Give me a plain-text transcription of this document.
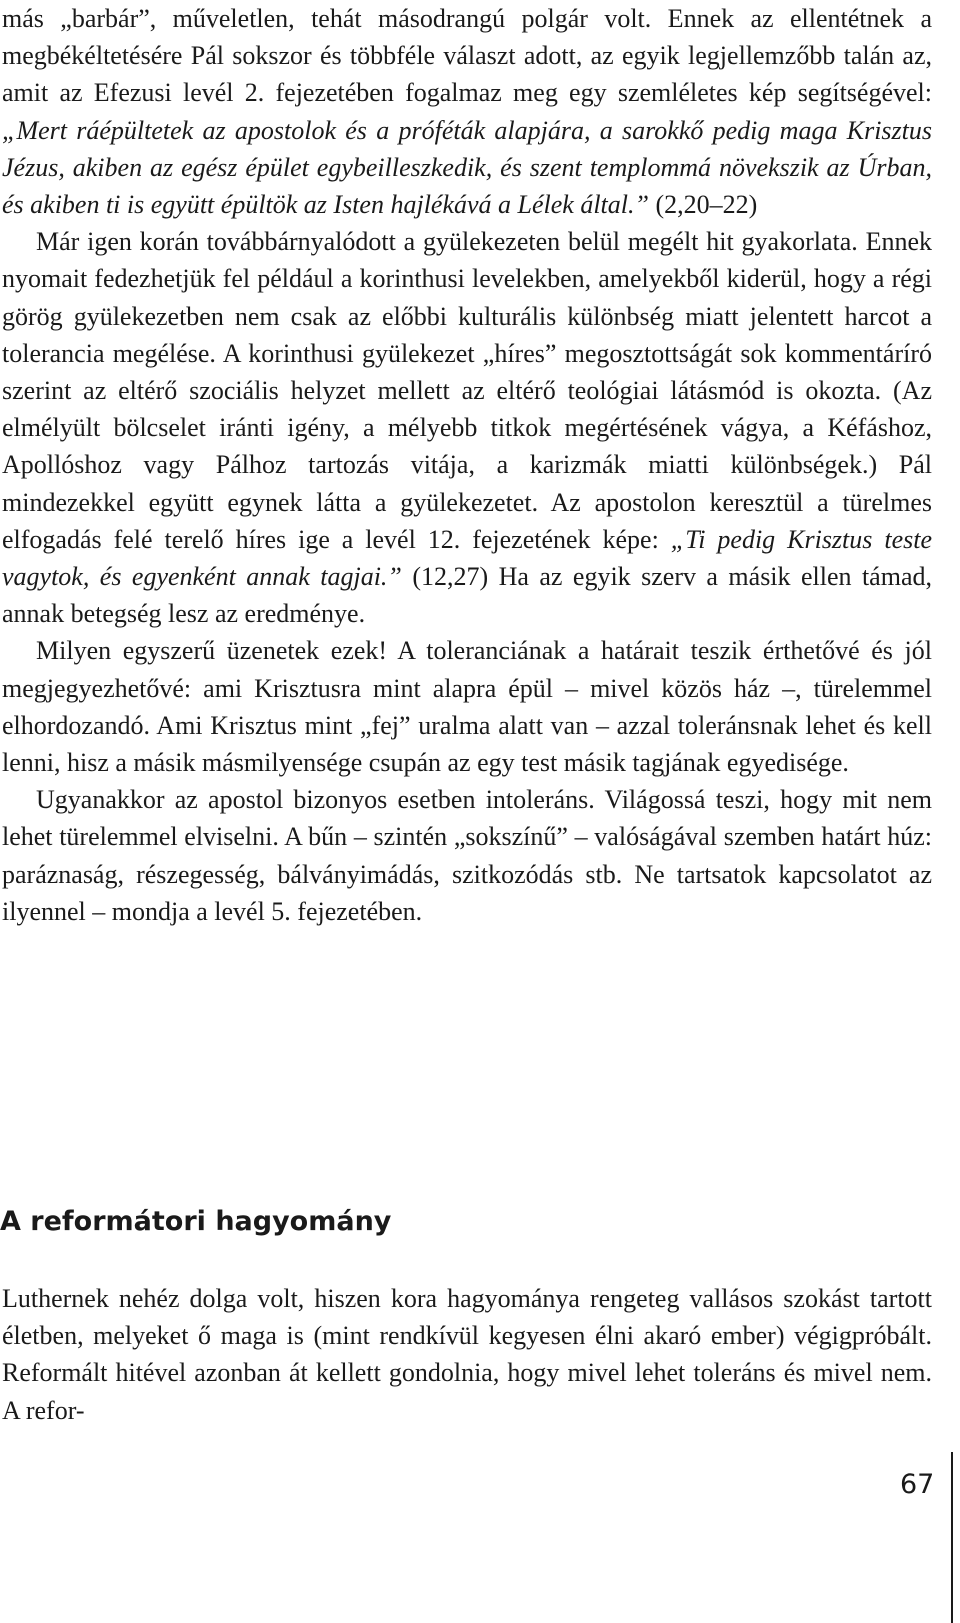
más „barbár”, műveletlen, tehát másodrangú polgár volt. Ennek az ellentétnek a megbékéltetésére Pál sokszor és többféle választ adott, az egyik legjellemzőbb talán az, amit az Efezusi levél 2. fejezetében fogalmaz meg egy szemléletes kép segítségével: „Mert ráépültetek az apostolok és a próféták alapjára, a sarokkő pedig maga Krisztus Jézus, akiben az egész épület egybeilleszkedik, és szent templommá növekszik az Úrban, és akiben ti is együtt épültök az Isten hajlékává a Lélek által.” (2,20–22)

Már igen korán továbbárnyalódott a gyülekezeten belül megélt hit gyakorlata. Ennek nyomait fedezhetjük fel például a korinthusi levelekben, amelyekből kiderül, hogy a régi görög gyülekezetben nem csak az előbbi kulturális különbség miatt jelentett harcot a tolerancia megélése. A korinthusi gyülekezet „híres” megosztottságát sok kommentáríró szerint az eltérő szociális helyzet mellett az eltérő teológiai látásmód is okozta. (Az elmélyült bölcselet iránti igény, a mélyebb titkok megértésének vágya, a Kéfáshoz, Apollóshoz vagy Pálhoz tartozás vitája, a karizmák miatti különbségek.) Pál mindezekkel együtt egynek látta a gyülekezetet. Az apostolon keresztül a türelmes elfogadás felé terelő híres ige a levél 12. fejezetének képe: „Ti pedig Krisztus teste vagytok, és egyenként annak tagjai.” (12,27) Ha az egyik szerv a másik ellen támad, annak betegség lesz az eredménye.

Milyen egyszerű üzenetek ezek! A toleranciának a határait teszik érthetővé és jól megjegyezhetővé: ami Krisztusra mint alapra épül – mivel közös ház –, türelemmel elhordozandó. Ami Krisztus mint „fej” uralma alatt van – azzal toleránsnak lehet és kell lenni, hisz a másik másmilyensége csupán az egy test másik tagjának egyedisége.

Ugyanakkor az apostol bizonyos esetben intoleráns. Világossá teszi, hogy mit nem lehet türelemmel elviselni. A bűn – szintén „sokszínű” – valóságával szemben határt húz: paráznaság, részegesség, bálványimádás, szitkozódás stb. Ne tartsatok kapcsolatot az ilyennel – mondja a levél 5. fejezetében.

A reformátori hagyomány

Luthernek nehéz dolga volt, hiszen kora hagyománya rengeteg vallásos szokást tartott életben, melyeket ő maga is (mint rendkívül kegyesen élni akaró ember) végigpróbált. Reformált hitével azonban át kellett gondolnia, hogy mivel lehet toleráns és mivel nem. A refor-

67
